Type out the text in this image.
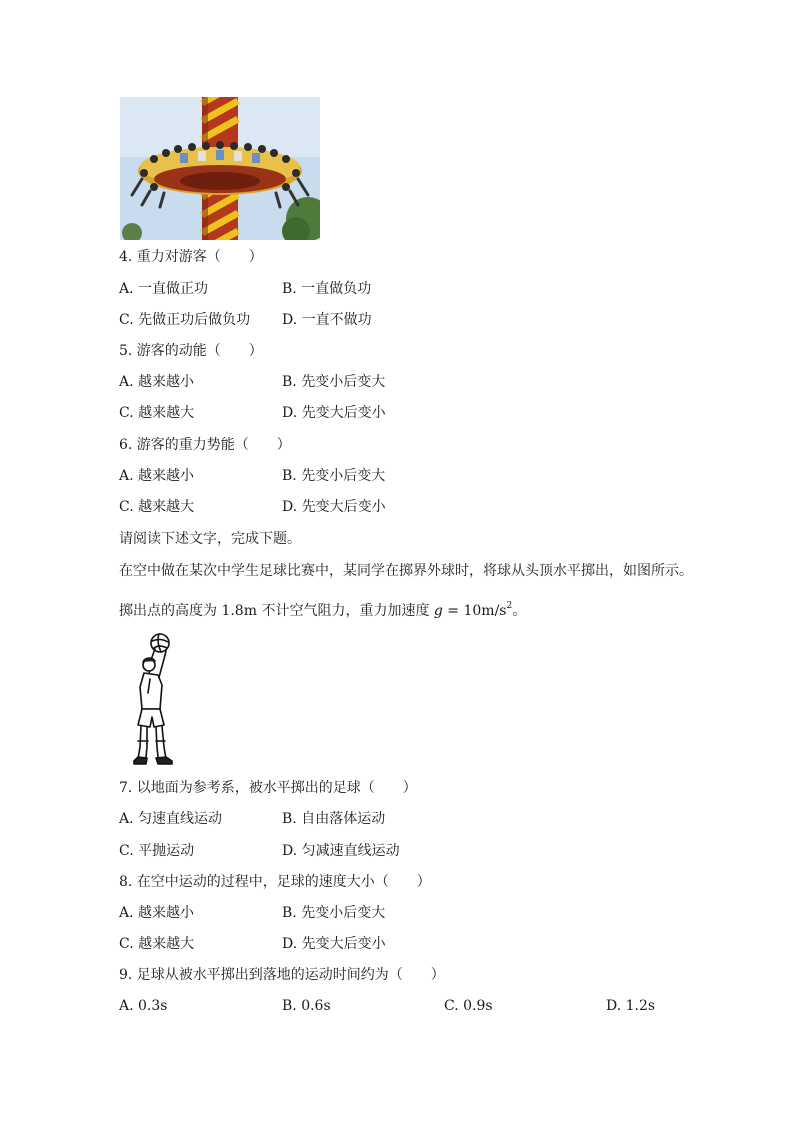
4. 重力对游客（　　）
A. 一直做正功	B. 一直做负功
C. 先做正功后做负功 D. 一直不做功
5. 游客的动能（　　）
A. 越来越小	B. 先变小后变大
C. 越来越大	D. 先变大后变小
6. 游客的重力势能（　　）
A. 越来越小	B. 先变小后变大
C. 越来越大	D. 先变大后变小
请阅读下述文字，完成下题。
在空中做在某次中学生足球比赛中，某同学在掷界外球时，将球从头顶水平掷出，如图所示。
掷出点的高度为 1.8m 不计空气阻力，重力加速度 $g = 10m/s^2$。
7. 以地面为参考系，被水平掷出的足球（　　）
A. 匀速直线运动	B. 自由落体运动
C. 平抛运动	D. 匀减速直线运动
8. 在空中运动的过程中，足球的速度大小（　　）
A. 越来越小	B. 先变小后变大
C. 越来越大	D. 先变大后变小
9. 足球从被水平掷出到落地的运动时间约为（　　）
A. 0.3s	B. 0.6s	C. 0.9s	D. 1.2s
